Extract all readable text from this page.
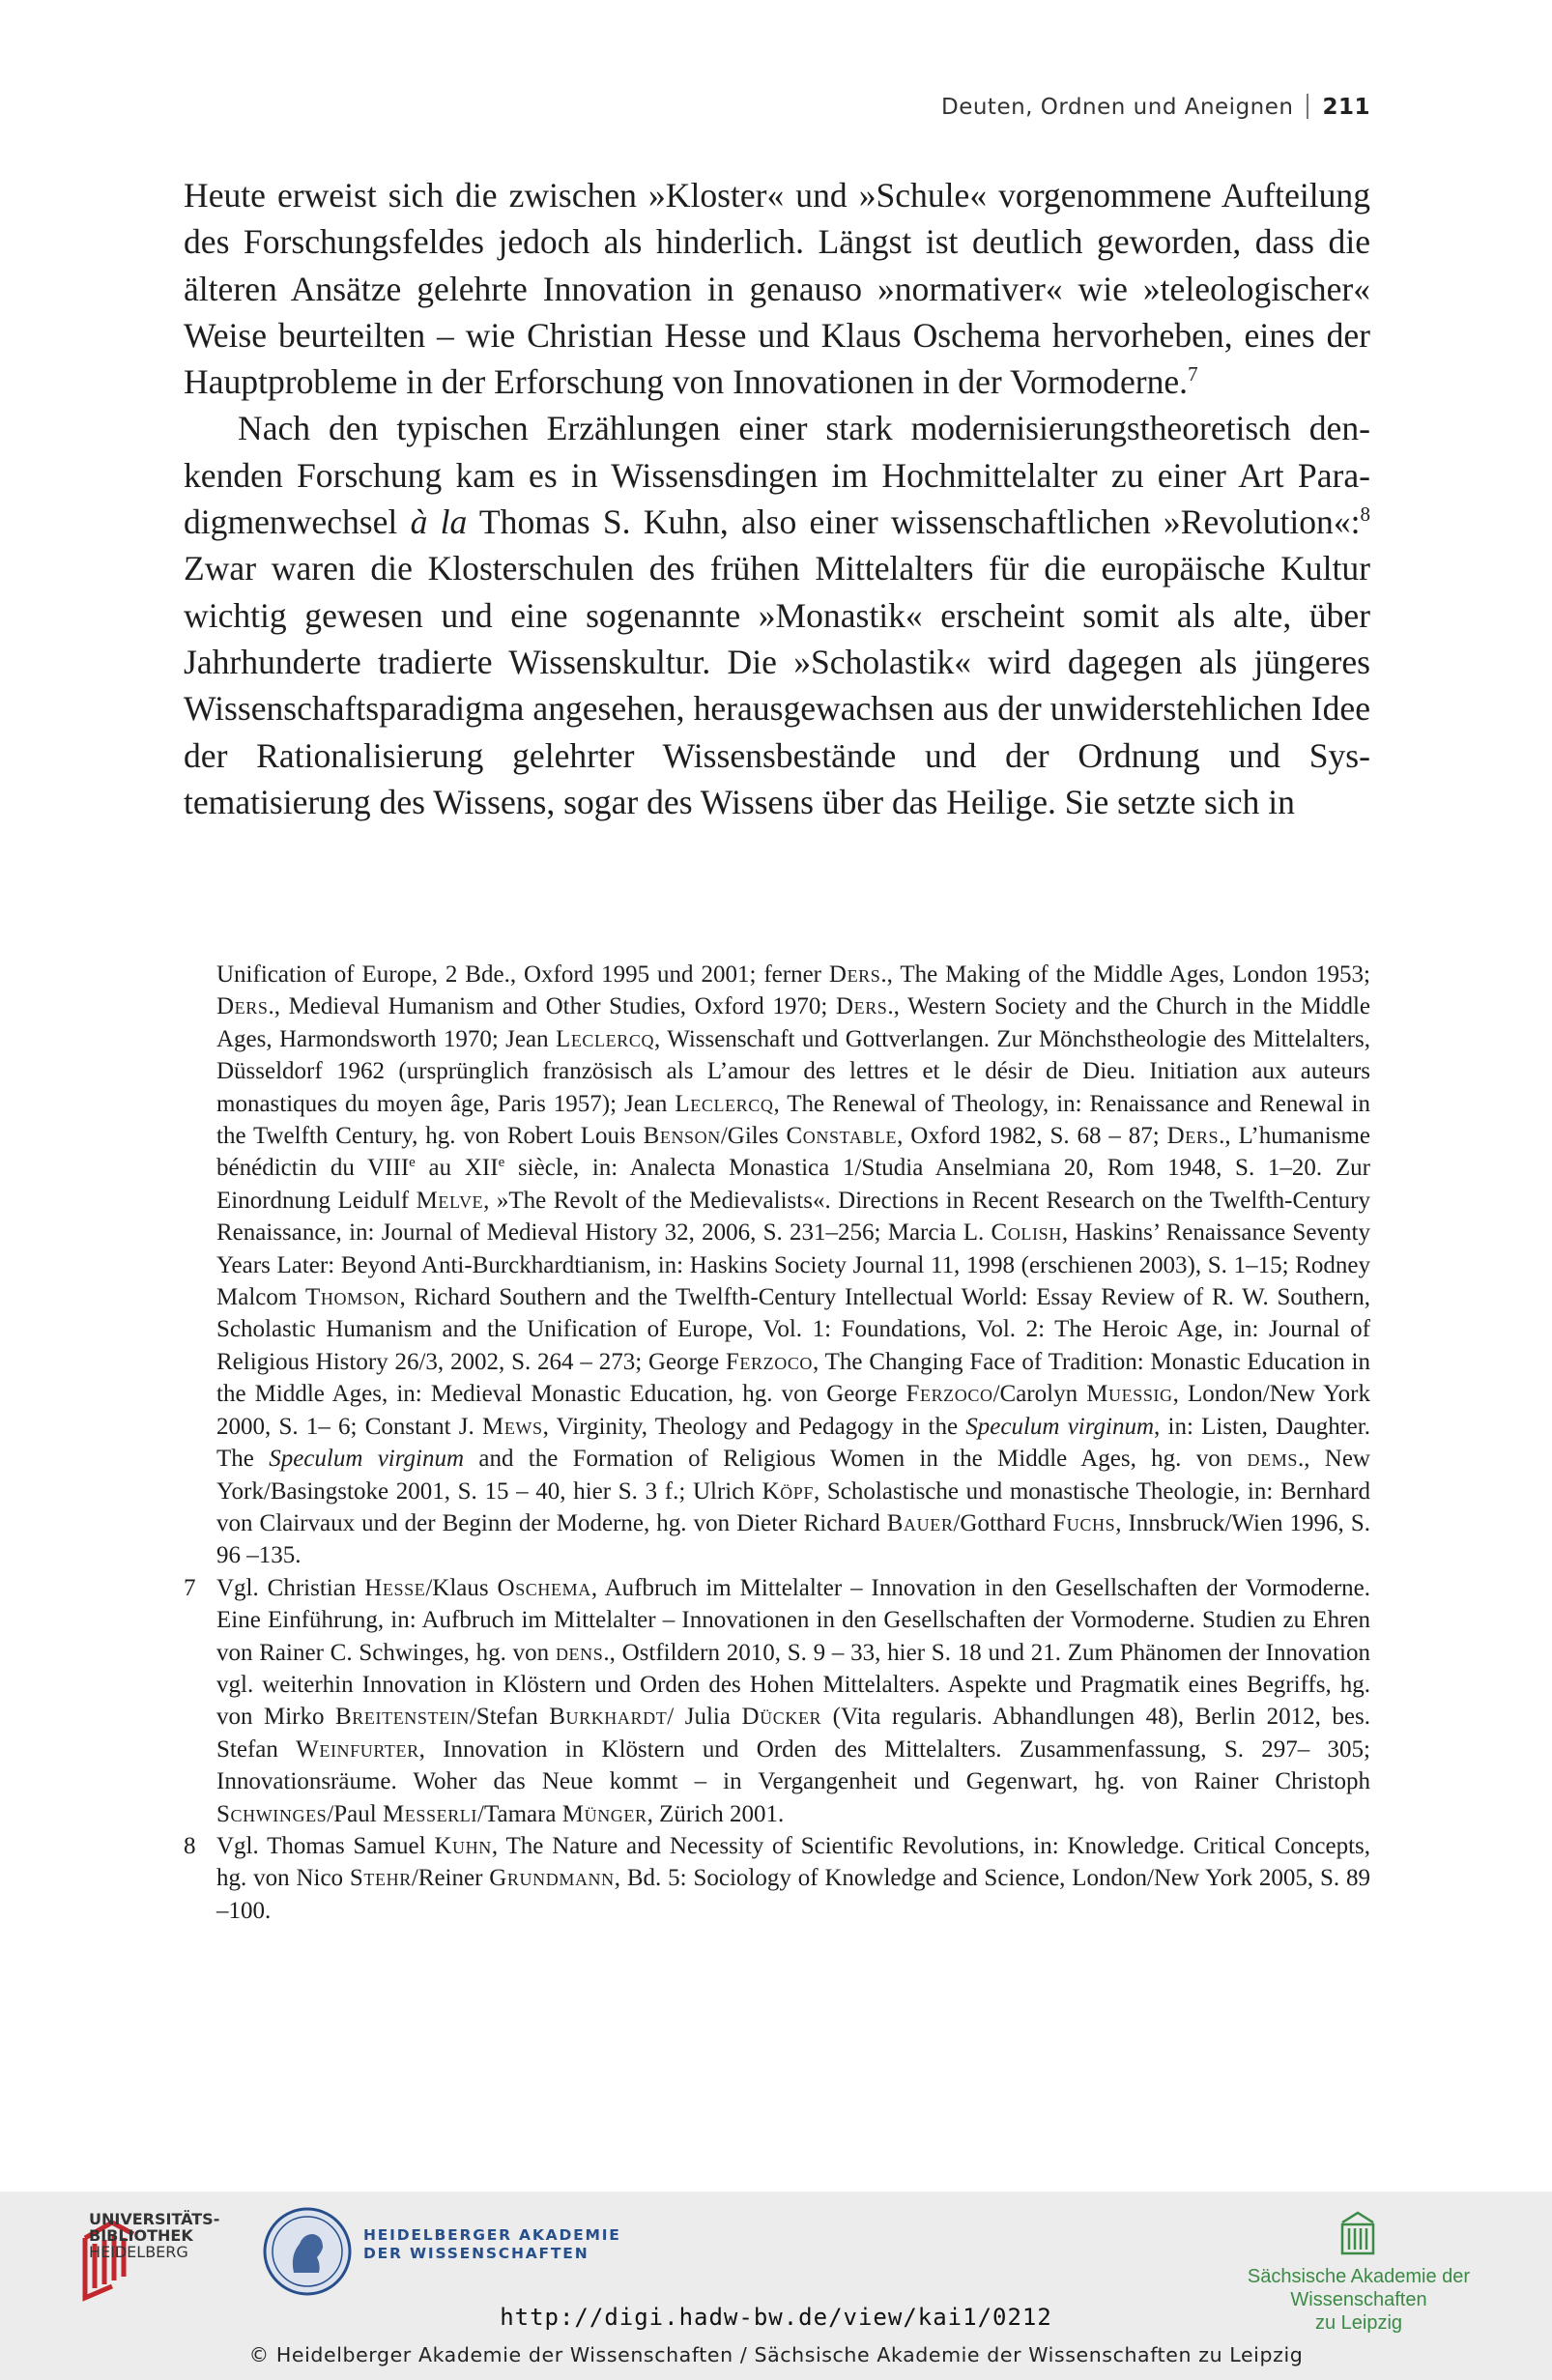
Deuten, Ordnen und Aneignen 211

Heute erweist sich die zwischen »Kloster« und »Schule« vorgenommene Aufteilung des Forschungsfeldes jedoch als hinderlich. Längst ist deutlich geworden, dass die älteren Ansätze gelehrte Innovation in genauso »normativer« wie »teleologischer« Weise beurteilten – wie Christian Hesse und Klaus Oschema hervorheben, eines der Hauptprobleme in der Erforschung von Innovationen in der Vormoderne.$^7$

Nach den typischen Erzählungen einer stark modernisierungstheoretisch denkenden Forschung kam es in Wissensdingen im Hochmittelalter zu einer Art Paradigmenwechsel à la Thomas S. Kuhn, also einer wissenschaftlichen »Revolution«:$^8$ Zwar waren die Klosterschulen des frühen Mittelalters für die europäische Kultur wichtig gewesen und eine sogenannte »Monastik« erscheint somit als alte, über Jahrhunderte tradierte Wissenskultur. Die »Scholastik« wird dagegen als jüngeres Wissenschaftsparadigma angesehen, herausgewachsen aus der unwiderstehlichen Idee der Rationalisierung gelehrter Wissensbestände und der Ordnung und Systematisierung des Wissens, sogar des Wissens über das Heilige. Sie setzte sich in

Unification of Europe, 2 Bde., Oxford 1995 und 2001; ferner Ders., The Making of the Middle Ages, London 1953; Ders., Medieval Humanism and Other Studies, Oxford 1970; Ders., Western Society and the Church in the Middle Ages, Harmondsworth 1970; Jean Leclercq, Wissenschaft und Gottverlangen. Zur Mönchstheologie des Mittelalters, Düsseldorf 1962 (ursprünglich französisch als L’amour des lettres et le désir de Dieu. Initiation aux auteurs monastiques du moyen âge, Paris 1957); Jean Leclercq, The Renewal of Theology, in: Renaissance and Renewal in the Twelfth Century, hg. von Robert Louis Benson/Giles Constable, Oxford 1982, S. 68 – 87; Ders., L’humanisme bénédictin du VIIIe au XIIe siècle, in: Analecta Monastica 1/Studia Anselmiana 20, Rom 1948, S. 1–20. Zur Einordnung Leidulf Melve, »The Revolt of the Medievalists«. Directions in Recent Research on the Twelfth-Century Renaissance, in: Journal of Medieval History 32, 2006, S. 231–256; Marcia L. Colish, Haskins’ Renaissance Seventy Years Later: Beyond Anti-Burckhardtianism, in: Haskins Society Journal 11, 1998 (erschienen 2003), S. 1–15; Rodney Malcom Thomson, Richard Southern and the Twelfth-Century Intellectual World: Essay Review of R. W. Southern, Scholastic Humanism and the Unification of Europe, Vol. 1: Foundations, Vol. 2: The Heroic Age, in: Journal of Religious History 26/3, 2002, S. 264 – 273; George Ferzoco, The Changing Face of Tradition: Monastic Education in the Middle Ages, in: Medieval Monastic Education, hg. von George Ferzoco/Carolyn Muessig, London/New York 2000, S. 1– 6; Constant J. Mews, Virginity, Theology and Pedagogy in the Speculum virginum, in: Listen, Daughter. The Speculum virginum and the Formation of Religious Women in the Middle Ages, hg. von dems., New York/Basingstoke 2001, S. 15 – 40, hier S. 3 f.; Ulrich Köpf, Scholastische und monastische Theologie, in: Bernhard von Clairvaux und der Beginn der Moderne, hg. von Dieter Richard Bauer/Gotthard Fuchs, Innsbruck/Wien 1996, S. 96 –135.
7 Vgl. Christian Hesse/Klaus Oschema, Aufbruch im Mittelalter – Innovation in den Gesellschaften der Vormoderne. Eine Einführung, in: Aufbruch im Mittelalter – Innovationen in den Gesellschaften der Vormoderne. Studien zu Ehren von Rainer C. Schwinges, hg. von dens., Ostfildern 2010, S. 9 – 33, hier S. 18 und 21. Zum Phänomen der Innovation vgl. weiterhin Innovation in Klöstern und Orden des Hohen Mittelalters. Aspekte und Pragmatik eines Begriffs, hg. von Mirko Breitenstein/Stefan Burkhardt/ Julia Dücker (Vita regularis. Abhandlungen 48), Berlin 2012, bes. Stefan Weinfurter, Innovation in Klöstern und Orden des Mittelalters. Zusammenfassung, S. 297– 305; Innovationsräume. Woher das Neue kommt – in Vergangenheit und Gegenwart, hg. von Rainer Christoph Schwinges/Paul Messerli/Tamara Münger, Zürich 2001.
8 Vgl. Thomas Samuel Kuhn, The Nature and Necessity of Scientific Revolutions, in: Knowledge. Critical Concepts, hg. von Nico Stehr/Reiner Grundmann, Bd. 5: Sociology of Knowledge and Science, London/New York 2005, S. 89 –100.
UNIVERSITÄTS-
BIBLIOTHEK
HEIDELBERG
HEIDELBERGER AKADEMIE
DER WISSENSCHAFTEN
Sächsische Akademie der Wissenschaften
zu Leipzig
http://digi.hadw-bw.de/view/kai1/0212
© Heidelberger Akademie der Wissenschaften / Sächsische Akademie der Wissenschaften zu Leipzig
